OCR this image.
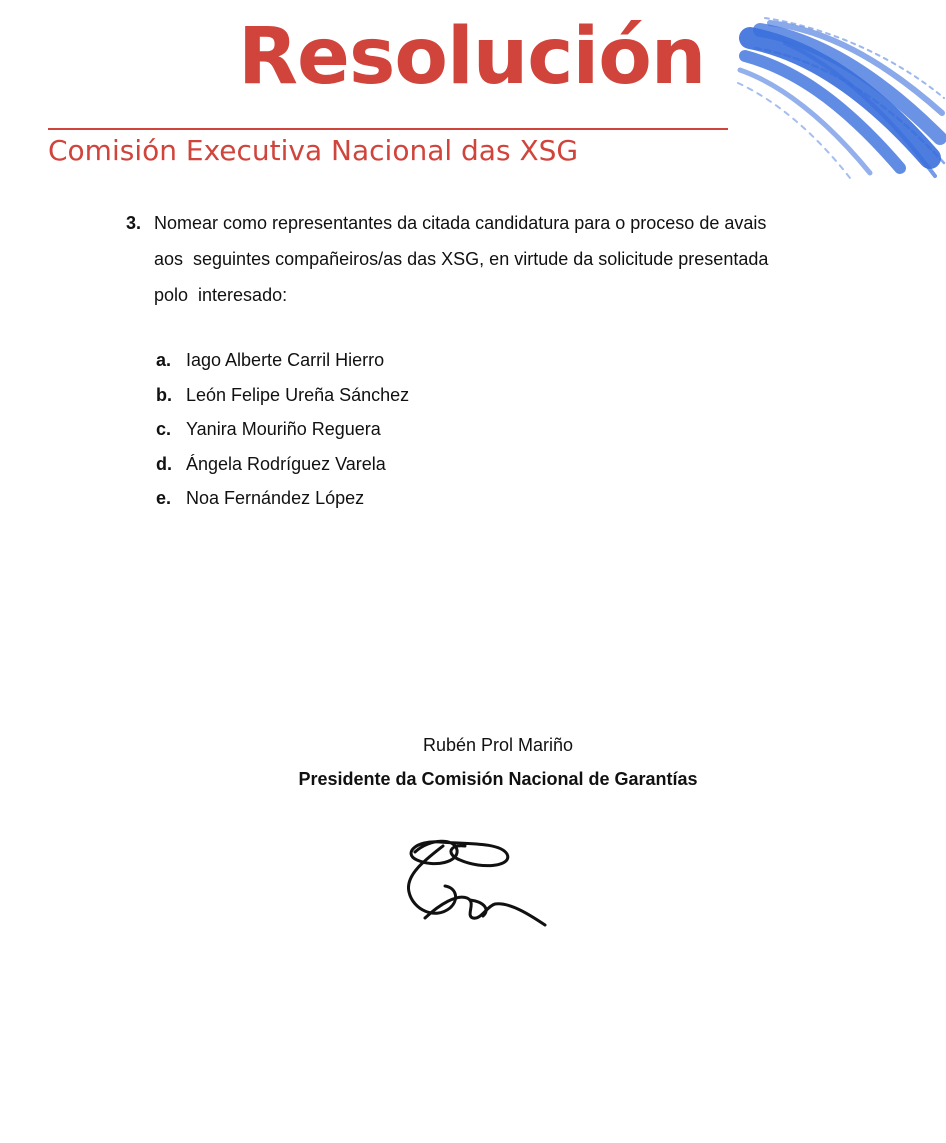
Resolución
Comisión Executiva Nacional das XSG
3. Nomear como representantes da citada candidatura para o proceso de avais
aos  seguintes compañeiros/as das XSG, en virtude da solicitude presentada
polo  interesado:
a. Iago Alberte Carril Hierro
b. León Felipe Ureña Sánchez
c. Yanira Mouriño Reguera
d. Ángela Rodríguez Varela
e. Noa Fernández López
Rubén Prol Mariño
Presidente da Comisión Nacional de Garantías
